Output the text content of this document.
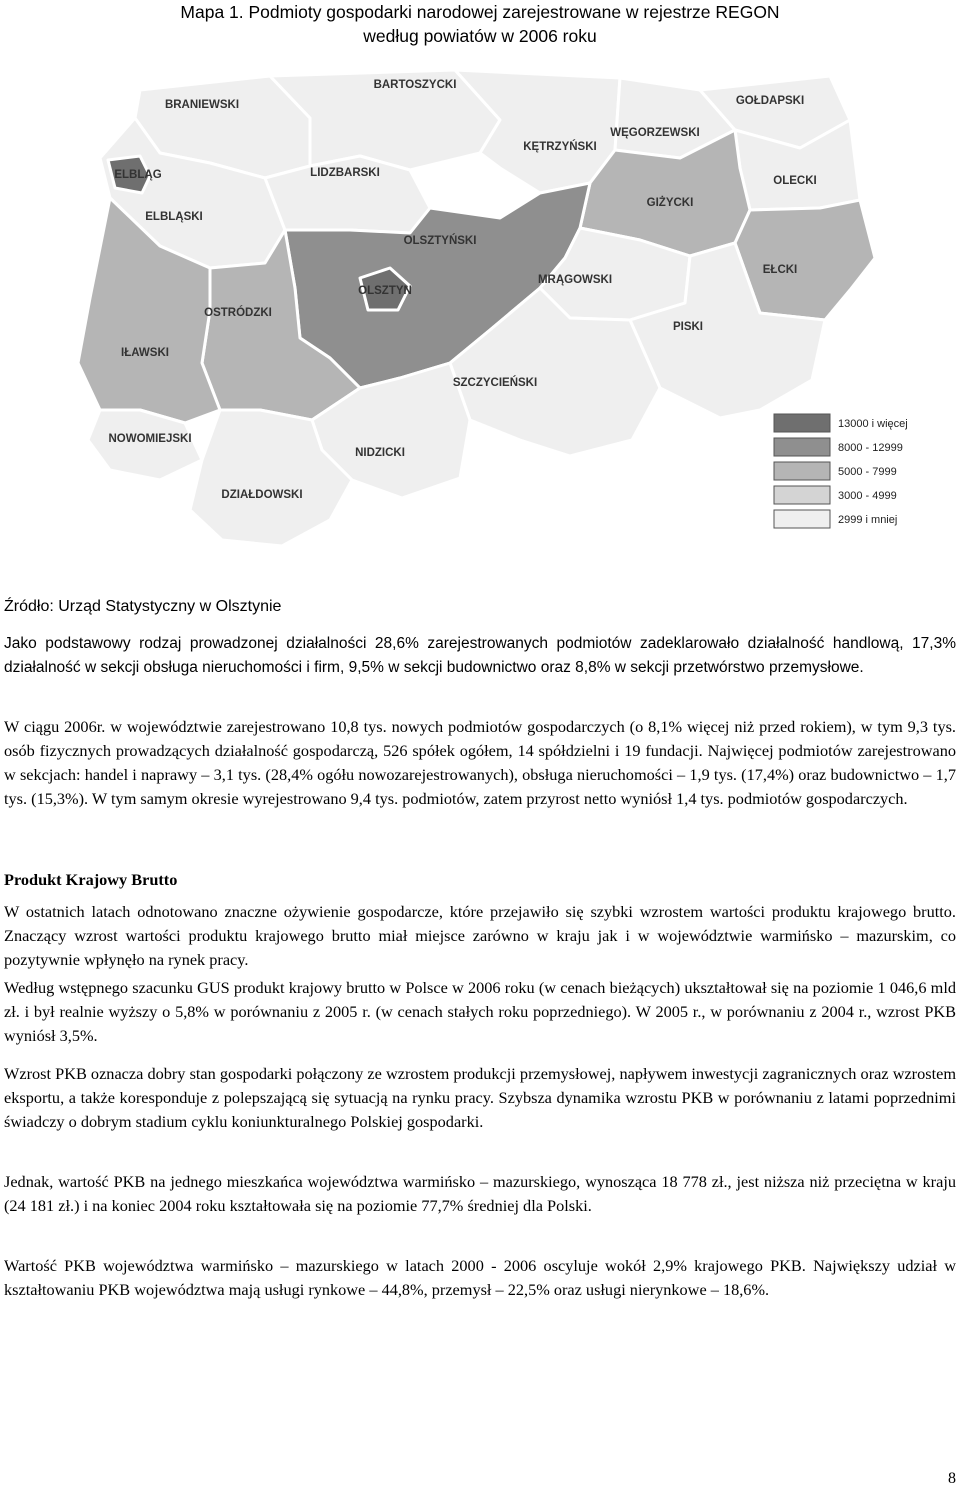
Mapa 1. Podmioty gospodarki narodowej zarejestrowane w rejestrze REGON
według powiatów w 2006 roku
BRANIEWSKI
BARTOSZYCKI
GOŁDAPSKI
KĘTRZYŃSKI
WĘGORZEWSKI
ELBLĄG	LIDZBARSKI
OLECKI
ELBLĄSKI
GIŻYCKI
OLSZTYŃSKI
EŁCKI
MRĄGOWSKI
OLSZTYN
OSTRÓDZKI
PISKI
IŁAWSKI
SZCZYCIEŃSKI
NOWOMIEJSKI
NIDZICKI
DZIAŁDOWSKI
13000 i więcej
8000 - 12999
5000 - 7999
3000 - 4999
2999 i mniej
Źródło: Urząd Statystyczny w Olsztynie
Jako podstawowy rodzaj prowadzonej działalności 28,6% zarejestrowanych podmiotów zadeklarowało działalność handlową, 17,3% działalność w sekcji obsługa nieruchomości i firm, 9,5% w sekcji budownictwo oraz 8,8% w sekcji przetwórstwo przemysłowe.
W ciągu 2006r. w województwie zarejestrowano 10,8 tys. nowych podmiotów gospodarczych (o 8,1% więcej niż przed rokiem), w tym 9,3 tys. osób fizycznych prowadzących działalność gospodarczą, 526 spółek ogółem, 14 spółdzielni i 19 fundacji. Najwięcej podmiotów zarejestrowano w sekcjach: handel i naprawy – 3,1 tys. (28,4% ogółu nowozarejestrowanych), obsługa nieruchomości – 1,9 tys. (17,4%) oraz budownictwo – 1,7 tys. (15,3%). W tym samym okresie wyrejestrowano 9,4 tys. podmiotów, zatem przyrost netto wyniósł 1,4 tys. podmiotów gospodarczych.
Produkt Krajowy Brutto
W ostatnich latach odnotowano znaczne ożywienie gospodarcze, które przejawiło się szybki wzrostem wartości produktu krajowego brutto. Znaczący wzrost wartości produktu krajowego brutto miał miejsce zarówno w kraju jak i w województwie warmińsko – mazurskim, co pozytywnie wpłynęło na rynek pracy.
Według wstępnego szacunku GUS produkt krajowy brutto w Polsce w 2006 roku (w cenach bieżących) ukształtował się na poziomie 1 046,6 mld zł. i był realnie wyższy o 5,8% w porównaniu z 2005 r. (w cenach stałych roku poprzedniego). W 2005 r., w porównaniu z 2004 r., wzrost PKB wyniósł 3,5%.
Wzrost PKB oznacza dobry stan gospodarki połączony ze wzrostem produkcji przemysłowej, napływem inwestycji zagranicznych oraz wzrostem eksportu, a także koresponduje z polepszającą się sytuacją na rynku pracy. Szybsza dynamika wzrostu PKB w porównaniu z latami poprzednimi świadczy o dobrym stadium cyklu koniunkturalnego Polskiej gospodarki.
Jednak, wartość PKB na jednego mieszkańca województwa warmińsko – mazurskiego, wynosząca 18 778 zł., jest niższa niż przeciętna w kraju (24 181 zł.) i na koniec 2004 roku kształtowała się na poziomie 77,7% średniej dla Polski.
Wartość PKB województwa warmińsko – mazurskiego w latach 2000 - 2006 oscyluje wokół 2,9% krajowego PKB. Największy udział w kształtowaniu PKB województwa mają usługi rynkowe – 44,8%, przemysł – 22,5% oraz usługi nierynkowe – 18,6%.
8
